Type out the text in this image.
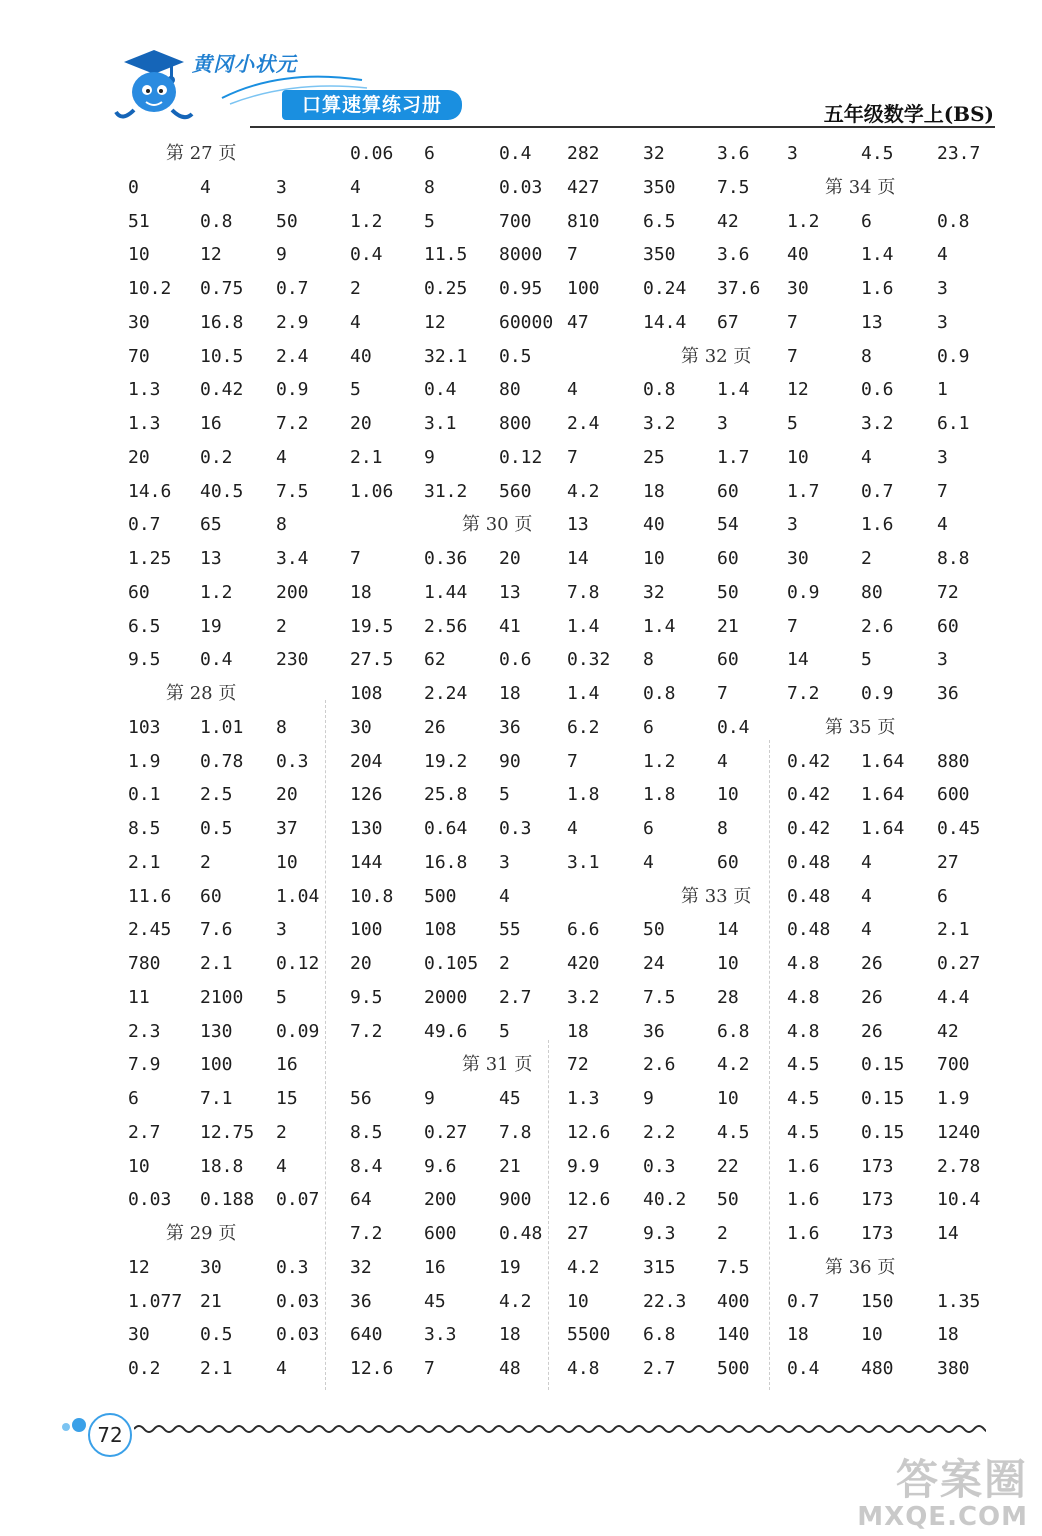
黄冈小状元
口算速算练习册	五年级数学上(BS)
第 27 页
0
51
10
10.2
30
70
1.3
1.3
20
14.6
0.7
1.25
60
6.5
9.5
第 28 页
103
1.9
0.1
8.5
2.1
11.6
2.45
780
11
2.3
7.9
6
2.7
10
0.03
第 29 页
12
1.077
30
0.2
4
0.8
12
0.75
16.8
10.5
0.42
16
0.2
40.5
65
13
1.2
19
0.4
1.01
0.78
2.5
0.5
2
60
7.6
2.1
2100
130
100
7.1
12.75
18.8
0.188
30
21
0.5
2.1
3
50
9
0.7
2.9
2.4
0.9
7.2
4
7.5
8
3.4
200
2
230
8
0.3
20
37
10
1.04
3
0.12
5
0.09
16
15
2
4
0.07
0.3
0.03
0.03
4
0.06
4
1.2
0.4
2
4
40
5
20
2.1
1.06
7
18
19.5
27.5
108
30
204
126
130
144
10.8
100
20
9.5
7.2
56
8.5
8.4
64
7.2
32
36
640
12.6
6
8
5
11.5
0.25
12
32.1
0.4
3.1
9
31.2
第 30 页
0.36
1.44
2.56
62
2.24
26
19.2
25.8
0.64
16.8
500
108
0.105
2000
49.6
第 31 页
9
0.27
9.6
200
600
16
45
3.3
7
0.4
0.03
700
8000
0.95
60000
0.5
80
800
0.12
560
20
13
41
0.6
18
36
90
5
0.3
3
4
55
2
2.7
5
45
7.8
21
900
0.48
19
4.2
18
48
282
427
810
7
100
47
4
2.4
7
4.2
13
14
7.8
1.4
0.32
1.4
6.2
7
1.8
4
3.1
6.6
420
3.2
18
72
1.3
12.6
9.9
12.6
27
4.2
10
5500
4.8
32
350
6.5
350
0.24
14.4
第 32 页
0.8
3.2
25
18
40
10
32
1.4
8
0.8
6
1.2
1.8
6
4
第 33 页
50
24
7.5
36
2.6
9
2.2
0.3
40.2
9.3
315
22.3
6.8
2.7
3.6
7.5
42
3.6
37.6
67
1.4
3
1.7
60
54
60
50
21
60
7
0.4
4
10
8
60
14
10
28
6.8
4.2
10
4.5
22
50
2
7.5
400
140
500
3
第 34 页
1.2
40
30
7
7
12
5
10
1.7
3
30
0.9
7
14
7.2
第 35 页
0.42
0.42
0.42
0.48
0.48
0.48
4.8
4.8
4.8
4.5
4.5
4.5
1.6
1.6
1.6
第 36 页
0.7
18
0.4
4.5
6
1.4
1.6
13
8
0.6
3.2
4
0.7
1.6
2
80
2.6
5
0.9
1.64
1.64
1.64
4
4
4
26
26
26
0.15
0.15
0.15
173
173
173
150
10
480
23.7
0.8
4
3
3
0.9
1
6.1
3
7
4
8.8
72
60
3
36
880
600
0.45
27
6
2.1
0.27
4.4
42
700
1.9
1240
2.78
10.4
14
1.35
18
380
72
答案圈
MXQE.COM
